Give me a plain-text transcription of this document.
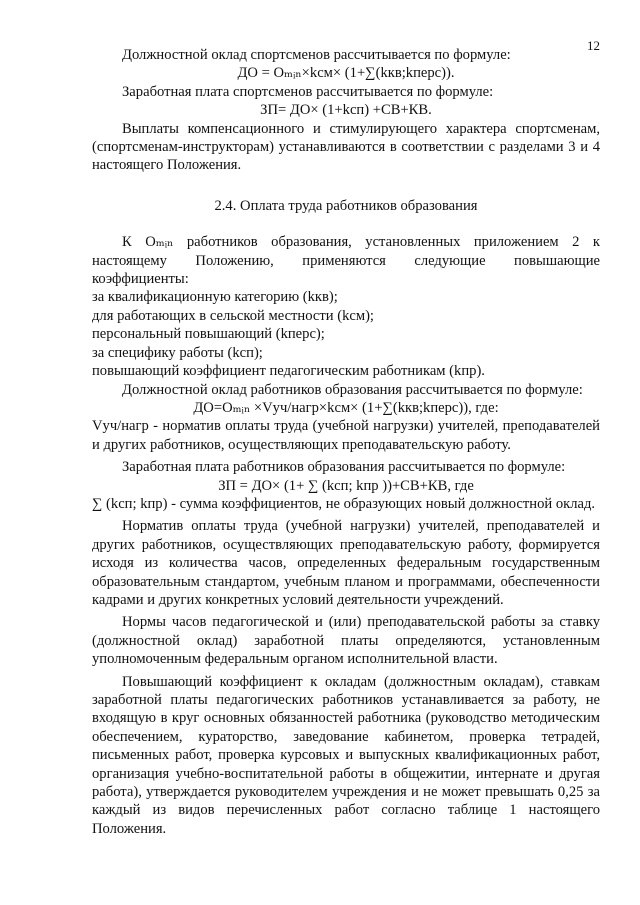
12

Должностной оклад спортсменов рассчитывается по формуле:

ДО = Oₘᵢₙ×kсм× (1+∑(kкв;kперс)).

Заработная плата спортсменов рассчитывается по формуле:

ЗП= ДО× (1+kсп) +СВ+КВ.

Выплаты компенсационного и стимулирующего характера спортсменам, (спортсменам-инструкторам) устанавливаются в соответствии с разделами 3 и 4 настоящего Положения.

2.4. Оплата труда работников образования

К Oₘᵢₙ работников образования, установленных приложением 2 к настоящему Положению, применяются следующие повышающие коэффициенты:

за квалификационную категорию (kкв);

для работающих в сельской местности (kсм);

персональный повышающий (kперс);

за специфику работы (kсп);

повышающий коэффициент педагогическим работникам (kпр).

Должностной оклад работников образования рассчитывается по формуле:

ДО=Oₘᵢₙ ×Vуч/нагр×kсм× (1+∑(kкв;kперс)), где:

Vуч/нагр - норматив оплаты труда (учебной нагрузки) учителей, преподавателей и других работников, осуществляющих преподавательскую работу.

Заработная плата работников образования рассчитывается по формуле:

ЗП = ДО× (1+ ∑ (kсп; kпр ))+СВ+КВ, где

∑ (kсп; kпр) - сумма коэффициентов, не образующих новый должностной оклад.

Норматив оплаты труда (учебной нагрузки) учителей, преподавателей и других работников, осуществляющих преподавательскую работу, формируется исходя из количества часов, определенных федеральным государственным образовательным стандартом, учебным планом и программами, обеспеченности кадрами и других конкретных условий деятельности учреждений.

Нормы часов педагогической и (или) преподавательской работы за ставку (должностной оклад) заработной платы определяются, установленным уполномоченным федеральным органом исполнительной власти.

Повышающий коэффициент к окладам (должностным окладам), ставкам заработной платы педагогических работников устанавливается за работу, не входящую в круг основных обязанностей работника (руководство методическим обеспечением, кураторство, заведование кабинетом, проверка тетрадей, письменных работ, проверка курсовых и выпускных квалификационных работ, организация учебно-воспитательной работы в общежитии, интернате и другая работа), утверждается руководителем учреждения и не может превышать 0,25 за каждый из видов перечисленных работ согласно таблице 1 настоящего Положения.
